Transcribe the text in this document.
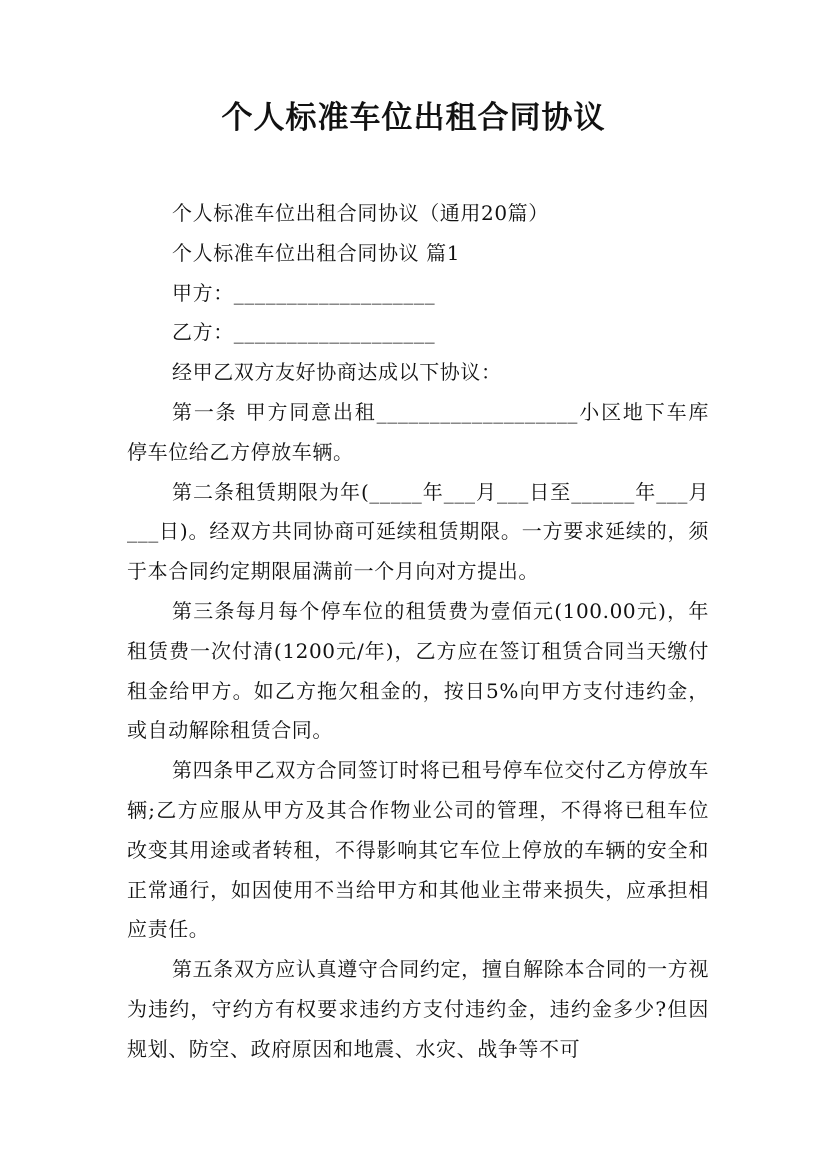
个人标准车位出租合同协议

个人标准车位出租合同协议（通用20篇）

个人标准车位出租合同协议 篇1

甲方：___________________

乙方：___________________

经甲乙双方友好协商达成以下协议：

第一条 甲方同意出租___________________小区地下车库停车位给乙方停放车辆。

第二条租赁期限为年(_____年___月___日至______年___月___日)。经双方共同协商可延续租赁期限。一方要求延续的，须于本合同约定期限届满前一个月向对方提出。

第三条每月每个停车位的租赁费为壹佰元(100.00元)，年租赁费一次付清(1200元/年)，乙方应在签订租赁合同当天缴付租金给甲方。如乙方拖欠租金的，按日5%向甲方支付违约金，或自动解除租赁合同。

第四条甲乙双方合同签订时将已租号停车位交付乙方停放车辆;乙方应服从甲方及其合作物业公司的管理，不得将已租车位改变其用途或者转租，不得影响其它车位上停放的车辆的安全和正常通行，如因使用不当给甲方和其他业主带来损失，应承担相应责任。

第五条双方应认真遵守合同约定，擅自解除本合同的一方视为违约，守约方有权要求违约方支付违约金，违约金多少?但因规划、防空、政府原因和地震、水灾、战争等不可
